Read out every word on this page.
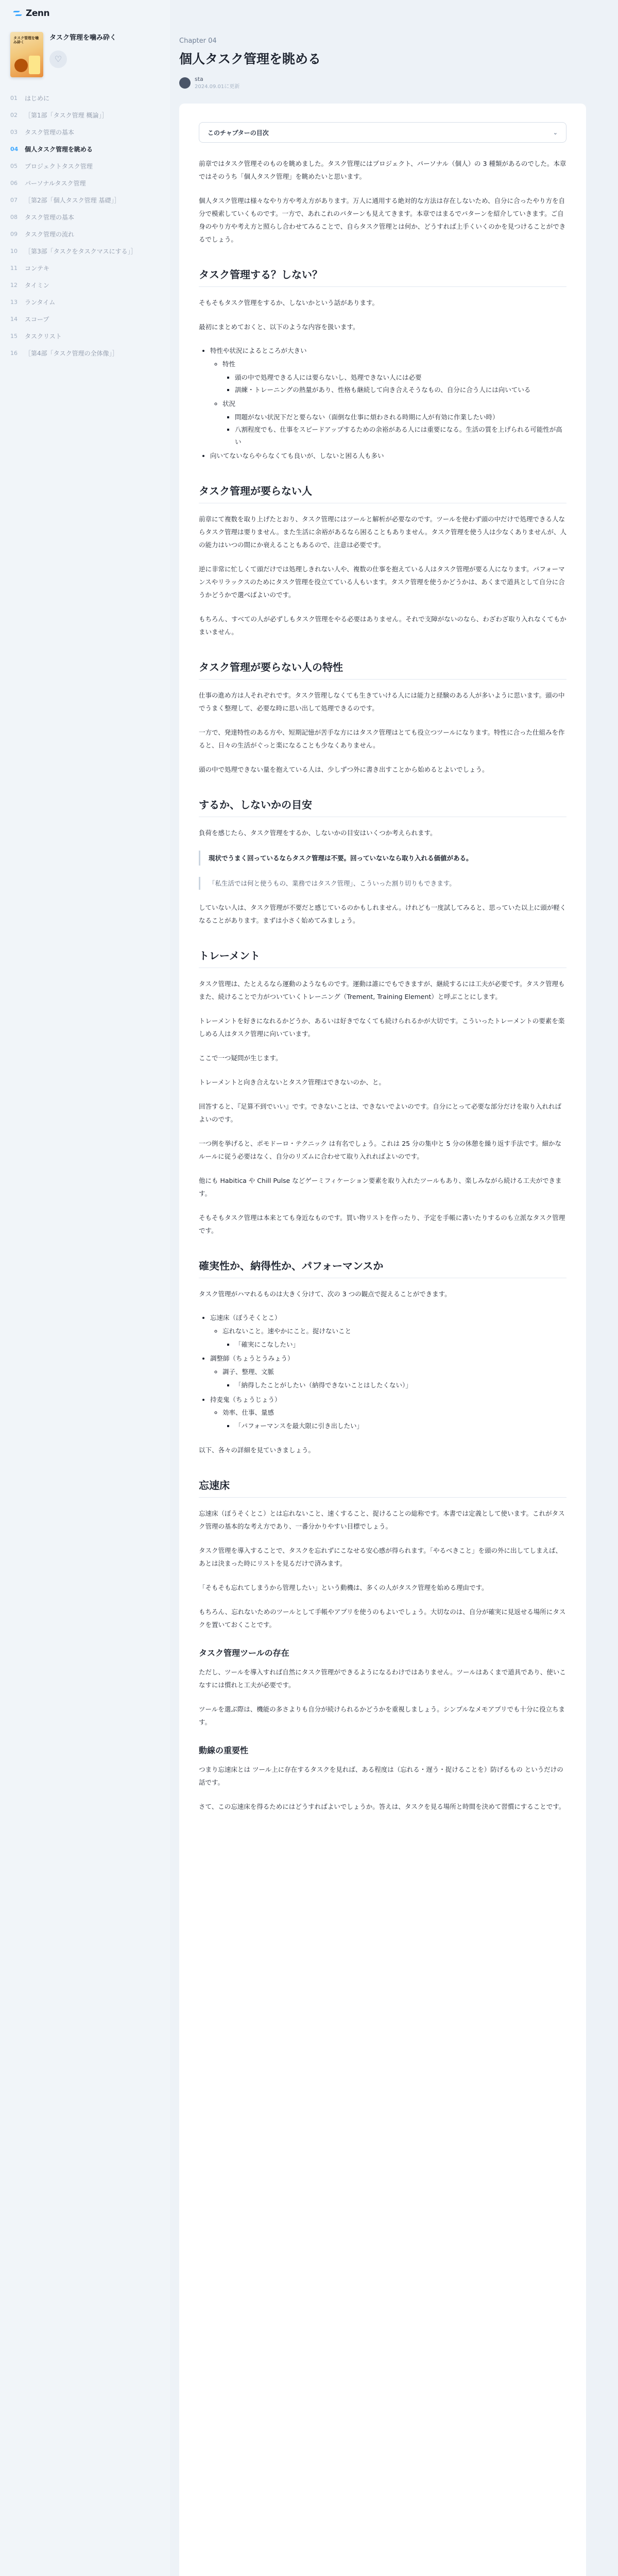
Zenn
タスク管理を噛み砕く
タスク管理を噛み砕く
♡
01	はじめに
02	［第1部「タスク管理 概論」］
03	タスク管理の基本
04 個人タスク管理を眺める
05	プロジェクトタスク管理
06	パーソナルタスク管理
07	［第2部「個人タスク管理 基礎」］
08	タスク管理の基本
09	タスク管理の流れ
10	［第3部「タスクをタスクマスにする」］
11	コンテキ
12	タイミン
13	ランタイム
14	スコープ
15	タスクリスト
16	［第4部「タスク管理の全体像」］
Chapter 04
個人タスク管理を眺める
sta
2024.09.01に更新
このチャプターの目次	⌄

前章ではタスク管理そのものを眺めました。タスク管理にはプロジェクト、パーソナル（個人）の 3 種類があるのでした。本章ではそのうち「個人タスク管理」を眺めたいと思います。

個人タスク管理は様々なやり方や考え方があります。万人に通用する絶対的な方法は存在しないため、自分に合ったやり方を自分で模索していくものです。一方で、あれこれのパターンも見えてきます。本章ではまるでパターンを紹介していきます。ご自身のやり方や考え方と照らし合わせてみることで、自らタスク管理とは何か、どうすれば上手くいくのかを見つけることができるでしょう。

タスク管理する？しない？

そもそもタスク管理をするか、しないかという話があります。

最初にまとめておくと、以下のような内容を扱います。

• 特性や状況によるところが大きい
◦ 特性
▪ 頭の中で処理できる人には要らないし、処理できない人には必要
▪ 訓練・トレーニングの熱量があり、性格も継続して向き合えそうなもの、自分に合う人には向いている
◦ 状況
▪ 問題がない状況下だと要らない（面倒な仕事に煩わされる時期に人が有効に作業したい時）
▪ 八割程度でも、仕事をスピードアップするための余裕がある人には重要になる。生活の質を上げられる可能性が高い
• 向いてないならやらなくても良いが、しないと困る人も多い
タスク管理が要らない人

前章にて複数を取り上げたとおり、タスク管理にはツールと解析が必要なのです。ツールを使わず頭の中だけで処理できる人ならタスク管理は要りません。また生活に余裕があるなら困ることもありません。タスク管理を使う人は少なくありませんが、人の能力はいつの間にか衰えることもあるので、注意は必要です。

逆に非常に忙しくて頭だけでは処理しきれない人や、複数の仕事を抱えている人はタスク管理が要る人になります。パフォーマンスやリラックスのためにタスク管理を役立てている人もいます。タスク管理を使うかどうかは、あくまで道具として自分に合うかどうかで選べばよいのです。

もちろん、すべての人が必ずしもタスク管理をやる必要はありません。それで支障がないのなら、わざわざ取り入れなくてもかまいません。

タスク管理が要らない人の特性

仕事の進め方は人それぞれです。タスク管理しなくても生きていける人には能力と経験のある人が多いように思います。頭の中でうまく整理して、必要な時に思い出して処理できるのです。

一方で、発達特性のある方や、短期記憶が苦手な方にはタスク管理はとても役立つツールになります。特性に合った仕組みを作ると、日々の生活がぐっと楽になることも少なくありません。

頭の中で処理できない量を抱えている人は、少しずつ外に書き出すことから始めるとよいでしょう。

するか、しないかの目安

負荷を感じたら、タスク管理をするか、しないかの目安はいくつか考えられます。

現状でうまく回っているならタスク管理は不要。回っていないなら取り入れる価値がある。

「私生活では何と使うもの、業務ではタスク管理」、こういった割り切りもできます。

していない人は、タスク管理が不要だと感じているのかもしれません。けれども一度試してみると、思っていた以上に頭が軽くなることがあります。まずは小さく始めてみましょう。

トレーメント

タスク管理は、たとえるなら運動のようなものです。運動は誰にでもできますが、継続するには工夫が必要です。タスク管理もまた、続けることで力がついていくトレーニング（Trement, Training Element）と呼ぶことにします。

トレーメントを好きになれるかどうか、あるいは好きでなくても続けられるかが大切です。こういったトレーメントの要素を楽しめる人はタスク管理に向いています。

ここで一つ疑問が生じます。

トレーメントと向き合えないとタスク管理はできないのか、と。

回答すると、『足算不到でいい』です。できないことは、できないでよいのです。自分にとって必要な部分だけを取り入れればよいのです。

一つ例を挙げると、ポモドーロ・テクニック は有名でしょう。これは 25 分の集中と 5 分の休憩を繰り返す手法です。細かなルールに従う必要はなく、自分のリズムに合わせて取り入れればよいのです。

他にも Habitica や Chill Pulse などゲーミフィケーション要素を取り入れたツールもあり、楽しみながら続ける工夫ができます。

そもそもタスク管理は本来とても身近なものです。買い物リストを作ったり、予定を手帳に書いたりするのも立派なタスク管理です。

確実性か、納得性か、パフォーマンスか

タスク管理がハマれるものは大きく分けて、次の 3 つの観点で捉えることができます。

• 忘速床（ぼうそくとこ）
◦ 忘れないこと。速やかにこと。捉けないこと
▪ 「確実にこなしたい」
• 調整師（ちょうとうみょう）
◦ 調子、整理、文脈
▪ 「納得したことがしたい（納得できないことはしたくない）」
• 持麦鬼（ちょうじょう）
◦ 効率、仕事、量感
▪ 「パフォーマンスを最大限に引き出したい」

以下、各々の詳細を見ていきましょう。

忘速床

忘速床（ぼうそくとこ）とは忘れないこと、速くすること、捉けることの総称です。本書では定義として使います。これがタスク管理の基本的な考え方であり、一番分かりやすい目標でしょう。

タスク管理を導入することで、タスクを忘れずにこなせる安心感が得られます。「やるべきこと」を頭の外に出してしまえば、あとは決まった時にリストを見るだけで済みます。

「そもそも忘れてしまうから管理したい」という動機は、多くの人がタスク管理を始める理由です。

もちろん、忘れないためのツールとして手帳やアプリを使うのもよいでしょう。大切なのは、自分が確実に見返せる場所にタスクを置いておくことです。

タスク管理ツールの存在

ただし、ツールを導入すれば自然にタスク管理ができるようになるわけではありません。ツールはあくまで道具であり、使いこなすには慣れと工夫が必要です。

ツールを選ぶ際は、機能の多さよりも自分が続けられるかどうかを重視しましょう。シンプルなメモアプリでも十分に役立ちます。

動線の重要性

つまり忘速床とは ツール上に存在するタスクを見れば、ある程度は（忘れる・遅う・捉けることを）防げるもの というだけの話です。

さて、この忘速床を得るためにはどうすればよいでしょうか。答えは、タスクを見る場所と時間を決めて習慣にすることです。
